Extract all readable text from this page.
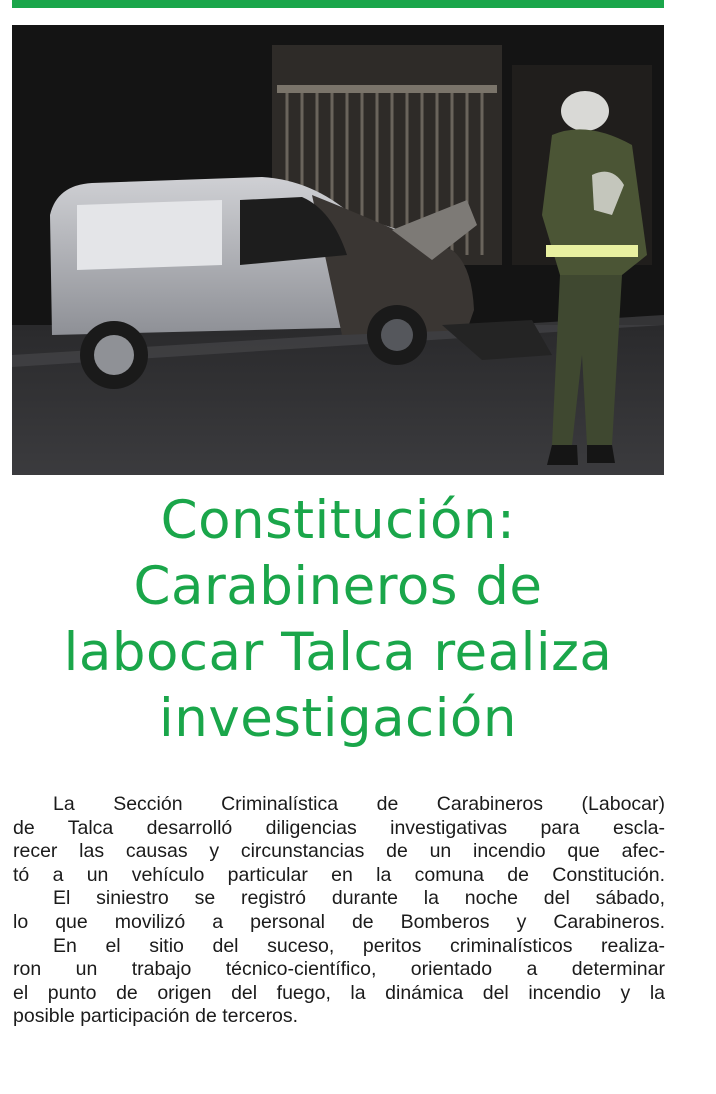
Constitución:
Carabineros de
labocar Talca realiza
investigación
La Sección Criminalística de Carabineros (Labocar)
de Talca desarrolló diligencias investigativas para escla-
recer las causas y circunstancias de un incendio que afec-
tó a un vehículo particular en la comuna de Constitución.
El siniestro se registró durante la noche del sábado,
lo que movilizó a personal de Bomberos y Carabineros.
En el sitio del suceso, peritos criminalísticos realiza-
ron un trabajo técnico-científico, orientado a determinar
el punto de origen del fuego, la dinámica del incendio y la
posible participación de terceros.
